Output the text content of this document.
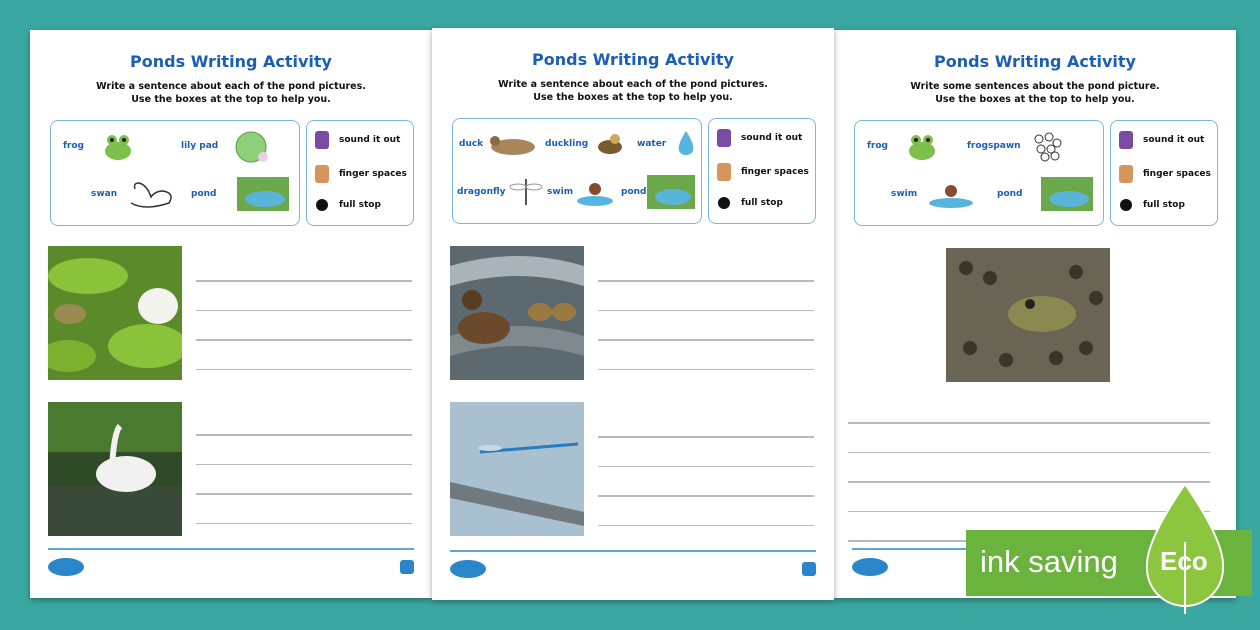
Ponds Writing Activity
Write a sentence about each of the pond pictures.
Use the boxes at the top to help you.
frog	lily pad
swan	pond
sound it out
finger spaces
full stop
Ponds Writing Activity
Write a sentence about each of the pond pictures.
Use the boxes at the top to help you.
duck	duckling	water
dragonfly	swim	pond
sound it out
finger spaces
full stop
Ponds Writing Activity
Write some sentences about the pond picture.
Use the boxes at the top to help you.
frog	frogspawn
swim	pond
sound it out
finger spaces
full stop
ink saving Eco
